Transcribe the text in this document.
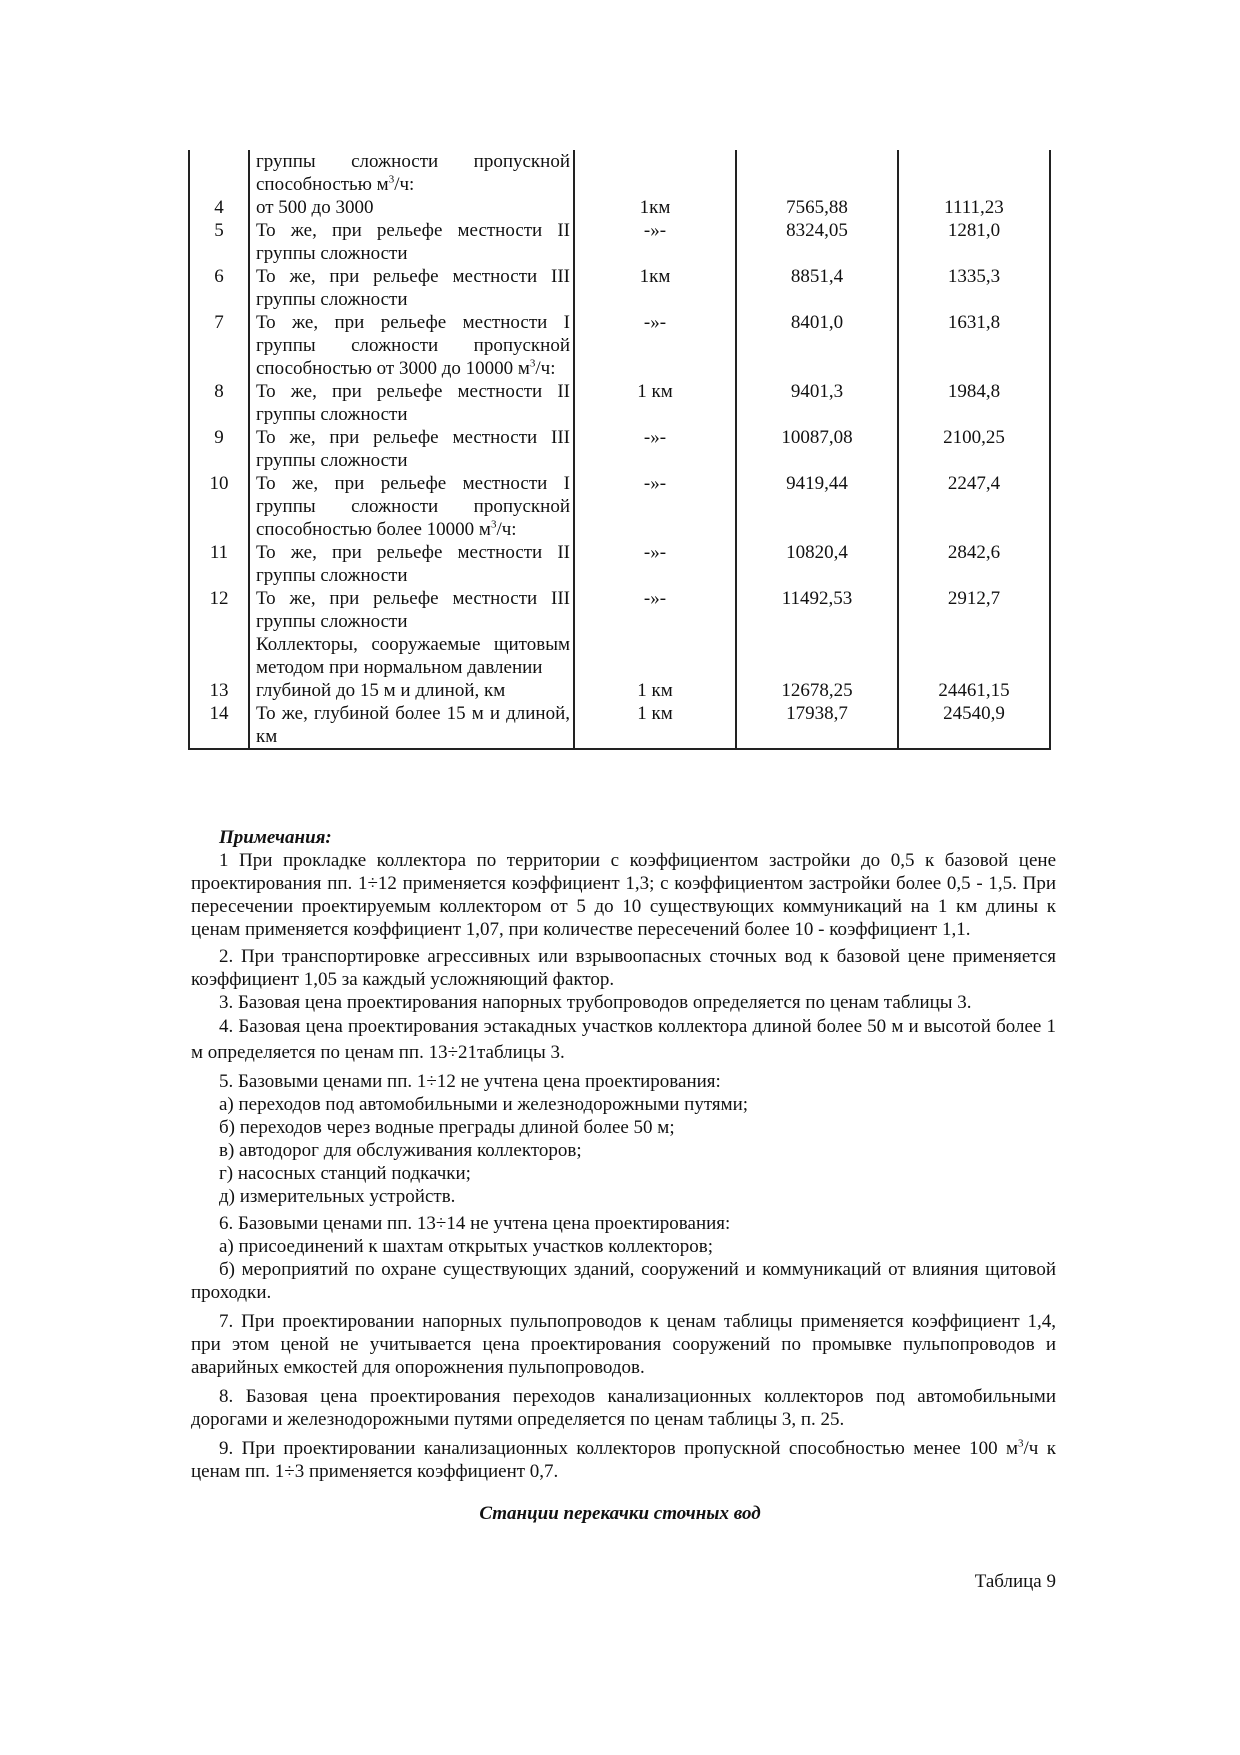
	группы сложности пропускной способностью $м^3/ч$:			
4	от 500 до 3000	1км	7565,88	1111,23
5	То же, при рельефе местности II группы сложности	-»-	8324,05	1281,0
6	То же, при рельефе местности III группы сложности	1км	8851,4	1335,3
7	То же, при рельефе местности I группы сложности пропускной способностью от 3000 до 10000 $м^3/ч$:	-»-	8401,0	1631,8
8	То же, при рельефе местности II группы сложности	1 км	9401,3	1984,8
9	То же, при рельефе местности III группы сложности	-»-	10087,08	2100,25
10	То же, при рельефе местности I группы сложности пропускной способностью более 10000 $м^3/ч$:	-»-	9419,44	2247,4
11	То же, при рельефе местности II группы сложности	-»-	10820,4	2842,6
12	То же, при рельефе местности III группы сложности	-»-	11492,53	2912,7
	Коллекторы, сооружаемые щитовым методом при нормальном давлении			
13	глубиной до 15 м и длиной, км	1 км	12678,25	24461,15
14	То же, глубиной более 15 м и длиной, км	1 км	17938,7	24540,9

Примечания:

1 При прокладке коллектора по территории с коэффициентом застройки до 0,5 к базовой цене проектирования пп. 1÷12 применяется коэффициент 1,3; с коэффициентом застройки более 0,5 - 1,5. При пересечении проектируемым коллектором от 5 до 10 существующих коммуникаций на 1 км длины к ценам применяется коэффициент 1,07, при количестве пересечений более 10 - коэффициент 1,1.

2. При транспортировке агрессивных или взрывоопасных сточных вод к базовой цене применяется коэффициент 1,05 за каждый усложняющий фактор.

3. Базовая цена проектирования напорных трубопроводов определяется по ценам таблицы 3.

4. Базовая цена проектирования эстакадных участков коллектора длиной более 50 м и высотой более 1 м определяется по ценам пп. 13÷21таблицы 3.

5. Базовыми ценами пп. 1÷12 не учтена цена проектирования:

а) переходов под автомобильными и железнодорожными путями;

б) переходов через водные преграды длиной более 50 м;

в) автодорог для обслуживания коллекторов;

г) насосных станций подкачки;

д) измерительных устройств.

6. Базовыми ценами пп. 13÷14 не учтена цена проектирования:

а) присоединений к шахтам открытых участков коллекторов;

б) мероприятий по охране существующих зданий, сооружений и коммуникаций от влияния щитовой проходки.

7. При проектировании напорных пульпопроводов к ценам таблицы применяется коэффициент 1,4, при этом ценой не учитывается цена проектирования сооружений по промывке пульпопроводов и аварийных емкостей для опорожнения пульпопроводов.

8. Базовая цена проектирования переходов канализационных коллекторов под автомобильными дорогами и железнодорожными путями определяется по ценам таблицы 3, п. 25.

9. При проектировании канализационных коллекторов пропускной способностью менее 100 $м^3/ч$ к ценам пп. 1÷3 применяется коэффициент 0,7.

Станции перекачки сточных вод
Таблица 9
